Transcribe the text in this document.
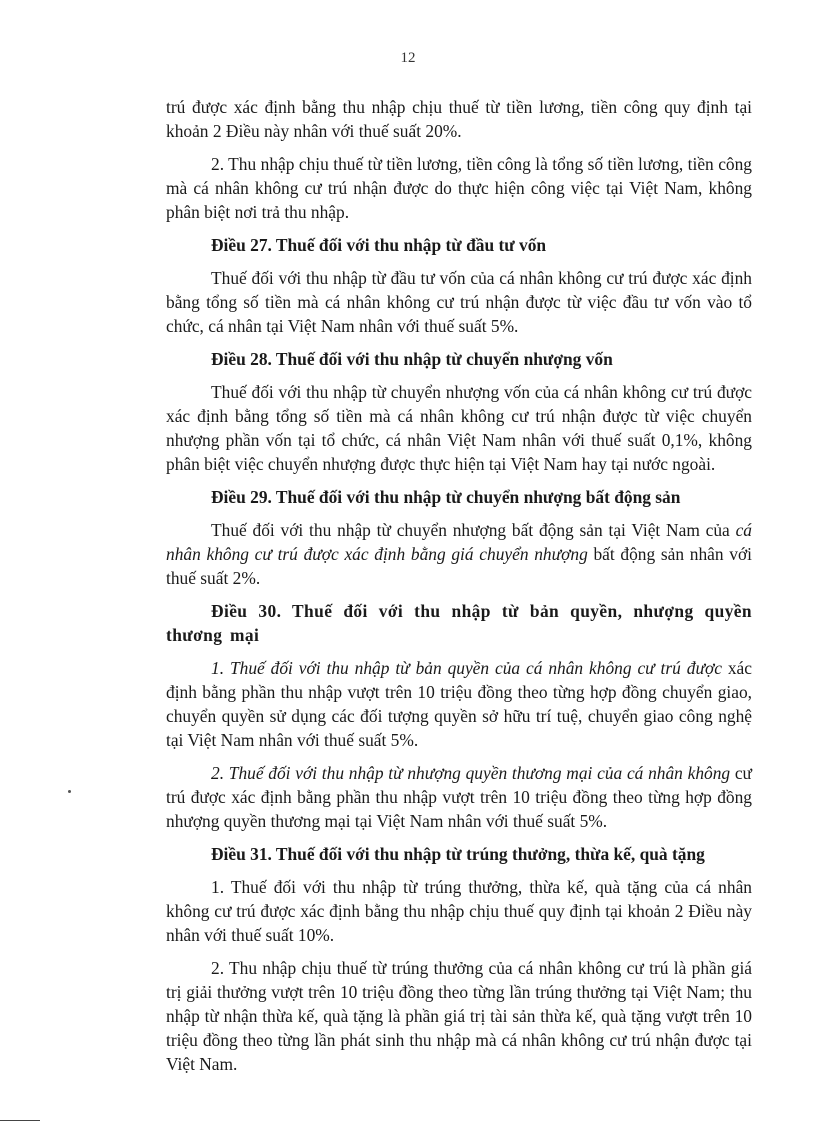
12

trú được xác định bằng thu nhập chịu thuế từ tiền lương, tiền công quy định tại khoản 2 Điều này nhân với thuế suất 20%.

2. Thu nhập chịu thuế từ tiền lương, tiền công là tổng số tiền lương, tiền công mà cá nhân không cư trú nhận được do thực hiện công việc tại Việt Nam, không phân biệt nơi trả thu nhập.

Điều 27. Thuế đối với thu nhập từ đầu tư vốn

Thuế đối với thu nhập từ đầu tư vốn của cá nhân không cư trú được xác định bằng tổng số tiền mà cá nhân không cư trú nhận được từ việc đầu tư vốn vào tổ chức, cá nhân tại Việt Nam nhân với thuế suất 5%.

Điều 28. Thuế đối với thu nhập từ chuyển nhượng vốn

Thuế đối với thu nhập từ chuyển nhượng vốn của cá nhân không cư trú được xác định bằng tổng số tiền mà cá nhân không cư trú nhận được từ việc chuyển nhượng phần vốn tại tổ chức, cá nhân Việt Nam nhân với thuế suất 0,1%, không phân biệt việc chuyển nhượng được thực hiện tại Việt Nam hay tại nước ngoài.

Điều 29. Thuế đối với thu nhập từ chuyển nhượng bất động sản

Thuế đối với thu nhập từ chuyển nhượng bất động sản tại Việt Nam của cá nhân không cư trú được xác định bằng giá chuyển nhượng bất động sản nhân với thuế suất 2%.

Điều 30. Thuế đối với thu nhập từ bản quyền, nhượng quyền thương mại

1. Thuế đối với thu nhập từ bản quyền của cá nhân không cư trú được xác định bằng phần thu nhập vượt trên 10 triệu đồng theo từng hợp đồng chuyển giao, chuyển quyền sử dụng các đối tượng quyền sở hữu trí tuệ, chuyển giao công nghệ tại Việt Nam nhân với thuế suất 5%.

2. Thuế đối với thu nhập từ nhượng quyền thương mại của cá nhân không cư trú được xác định bằng phần thu nhập vượt trên 10 triệu đồng theo từng hợp đồng nhượng quyền thương mại tại Việt Nam nhân với thuế suất 5%.

Điều 31. Thuế đối với thu nhập từ trúng thưởng, thừa kế, quà tặng

1. Thuế đối với thu nhập từ trúng thưởng, thừa kế, quà tặng của cá nhân không cư trú được xác định bằng thu nhập chịu thuế quy định tại khoản 2 Điều này nhân với thuế suất 10%.

2. Thu nhập chịu thuế từ trúng thưởng của cá nhân không cư trú là phần giá trị giải thưởng vượt trên 10 triệu đồng theo từng lần trúng thưởng tại Việt Nam; thu nhập từ nhận thừa kế, quà tặng là phần giá trị tài sản thừa kế, quà tặng vượt trên 10 triệu đồng theo từng lần phát sinh thu nhập mà cá nhân không cư trú nhận được tại Việt Nam.
